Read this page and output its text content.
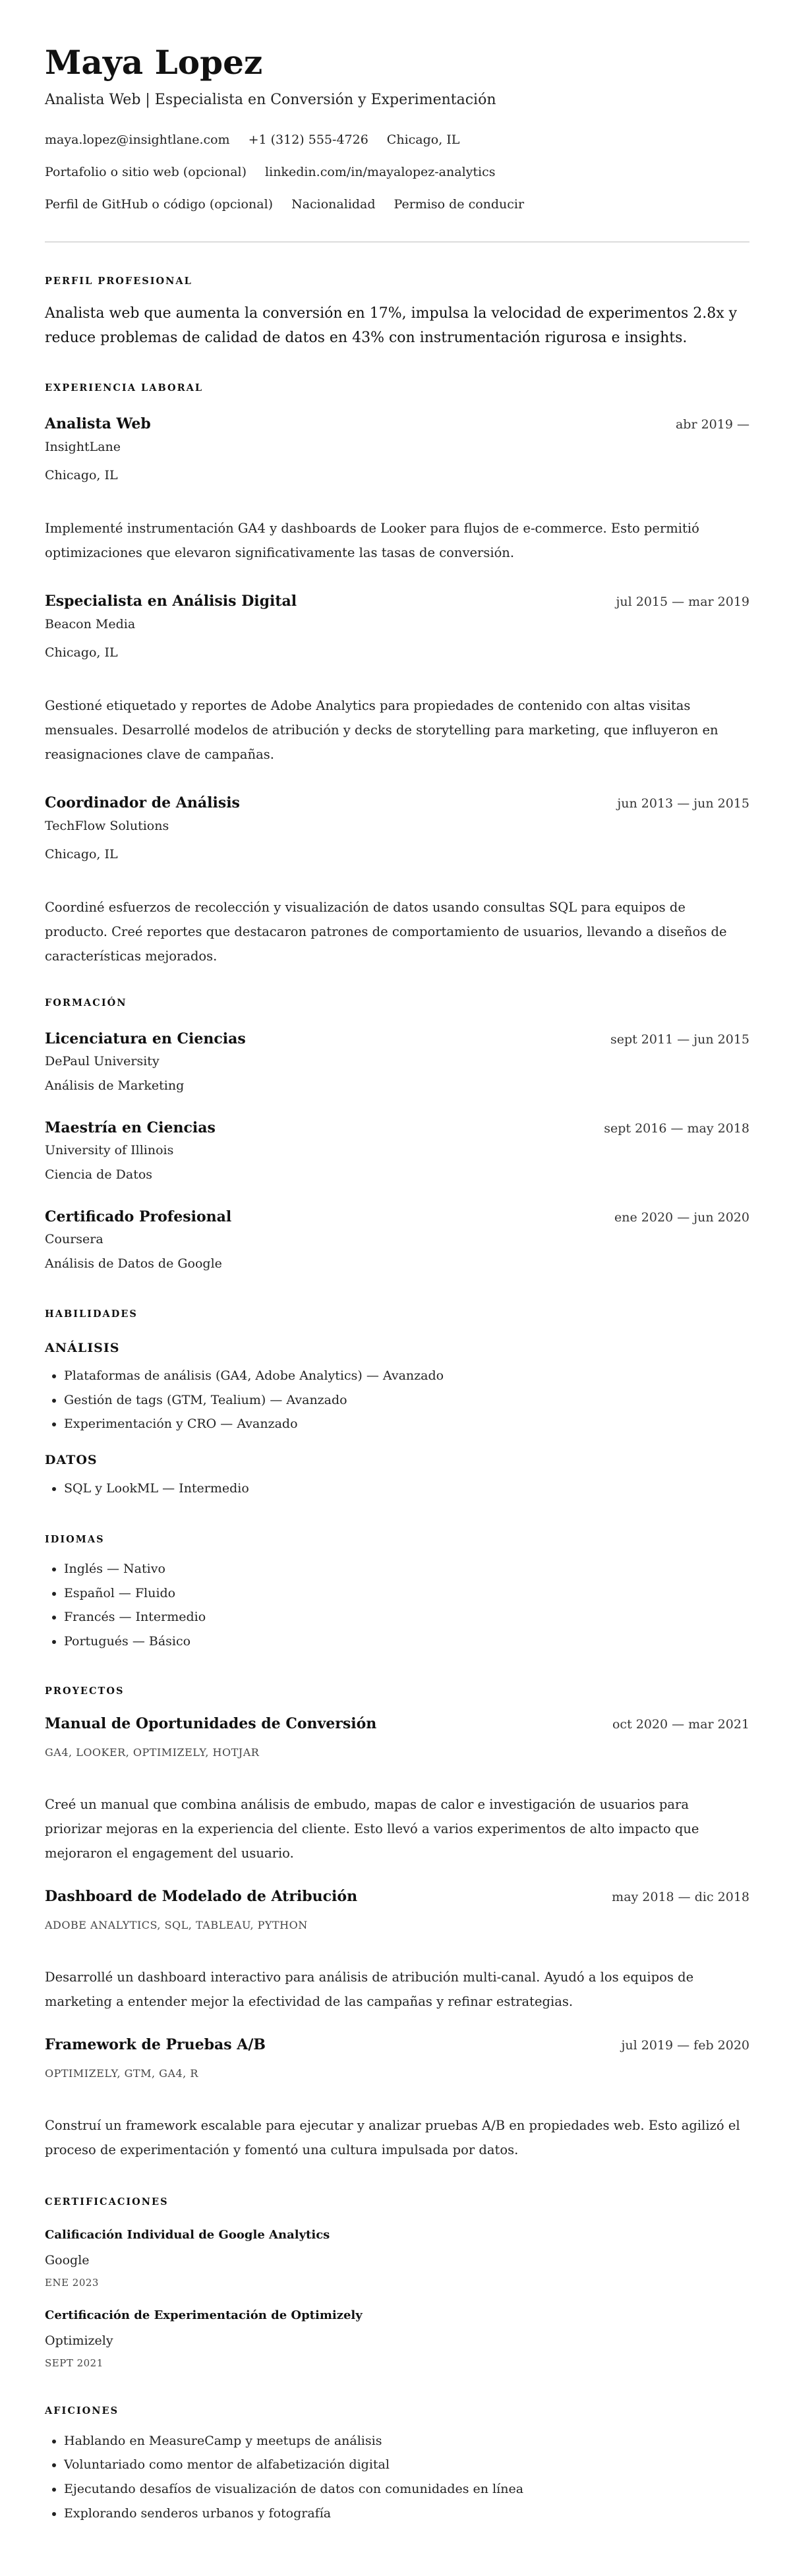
Maya Lopez
Analista Web | Especialista en Conversión y Experimentación
maya.lopez@insightlane.com +1 (312) 555-4726 Chicago, IL
Portafolio o sitio web (opcional) linkedin.com/in/mayalopez-analytics
Perfil de GitHub o código (opcional) Nacionalidad Permiso de conducir
PERFIL PROFESIONAL
Analista web que aumenta la conversión en 17%, impulsa la velocidad de experimentos 2.8x y reduce problemas de calidad de datos en 43% con instrumentación rigurosa e insights.
EXPERIENCIA LABORAL
Analista Web	abr 2019 —
InsightLane
Chicago, IL
Implementé instrumentación GA4 y dashboards de Looker para flujos de e-commerce. Esto permitió optimizaciones que elevaron significativamente las tasas de conversión.
Especialista en Análisis Digital	jul 2015 — mar 2019
Beacon Media
Chicago, IL
Gestioné etiquetado y reportes de Adobe Analytics para propiedades de contenido con altas visitas mensuales. Desarrollé modelos de atribución y decks de storytelling para marketing, que influyeron en reasignaciones clave de campañas.
Coordinador de Análisis	jun 2013 — jun 2015
TechFlow Solutions
Chicago, IL
Coordiné esfuerzos de recolección y visualización de datos usando consultas SQL para equipos de producto. Creé reportes que destacaron patrones de comportamiento de usuarios, llevando a diseños de características mejorados.
FORMACIÓN
Licenciatura en Ciencias	sept 2011 — jun 2015
DePaul University
Análisis de Marketing
Maestría en Ciencias	sept 2016 — may 2018
University of Illinois
Ciencia de Datos
Certificado Profesional	ene 2020 — jun 2020
Coursera
Análisis de Datos de Google
HABILIDADES
ANÁLISIS
• Plataformas de análisis (GA4, Adobe Analytics) — Avanzado
• Gestión de tags (GTM, Tealium) — Avanzado
• Experimentación y CRO — Avanzado
DATOS
• SQL y LookML — Intermedio
IDIOMAS
• Inglés — Nativo
• Español — Fluido
• Francés — Intermedio
• Portugués — Básico
PROYECTOS
Manual de Oportunidades de Conversión	oct 2020 — mar 2021
GA4, LOOKER, OPTIMIZELY, HOTJAR
Creé un manual que combina análisis de embudo, mapas de calor e investigación de usuarios para priorizar mejoras en la experiencia del cliente. Esto llevó a varios experimentos de alto impacto que mejoraron el engagement del usuario.
Dashboard de Modelado de Atribución	may 2018 — dic 2018
ADOBE ANALYTICS, SQL, TABLEAU, PYTHON
Desarrollé un dashboard interactivo para análisis de atribución multi-canal. Ayudó a los equipos de marketing a entender mejor la efectividad de las campañas y refinar estrategias.
Framework de Pruebas A/B	jul 2019 — feb 2020
OPTIMIZELY, GTM, GA4, R
Construí un framework escalable para ejecutar y analizar pruebas A/B en propiedades web. Esto agilizó el proceso de experimentación y fomentó una cultura impulsada por datos.
CERTIFICACIONES
Calificación Individual de Google Analytics
Google
ENE 2023
Certificación de Experimentación de Optimizely
Optimizely
SEPT 2021
AFICIONES
• Hablando en MeasureCamp y meetups de análisis
• Voluntariado como mentor de alfabetización digital
• Ejecutando desafíos de visualización de datos con comunidades en línea
• Explorando senderos urbanos y fotografía
